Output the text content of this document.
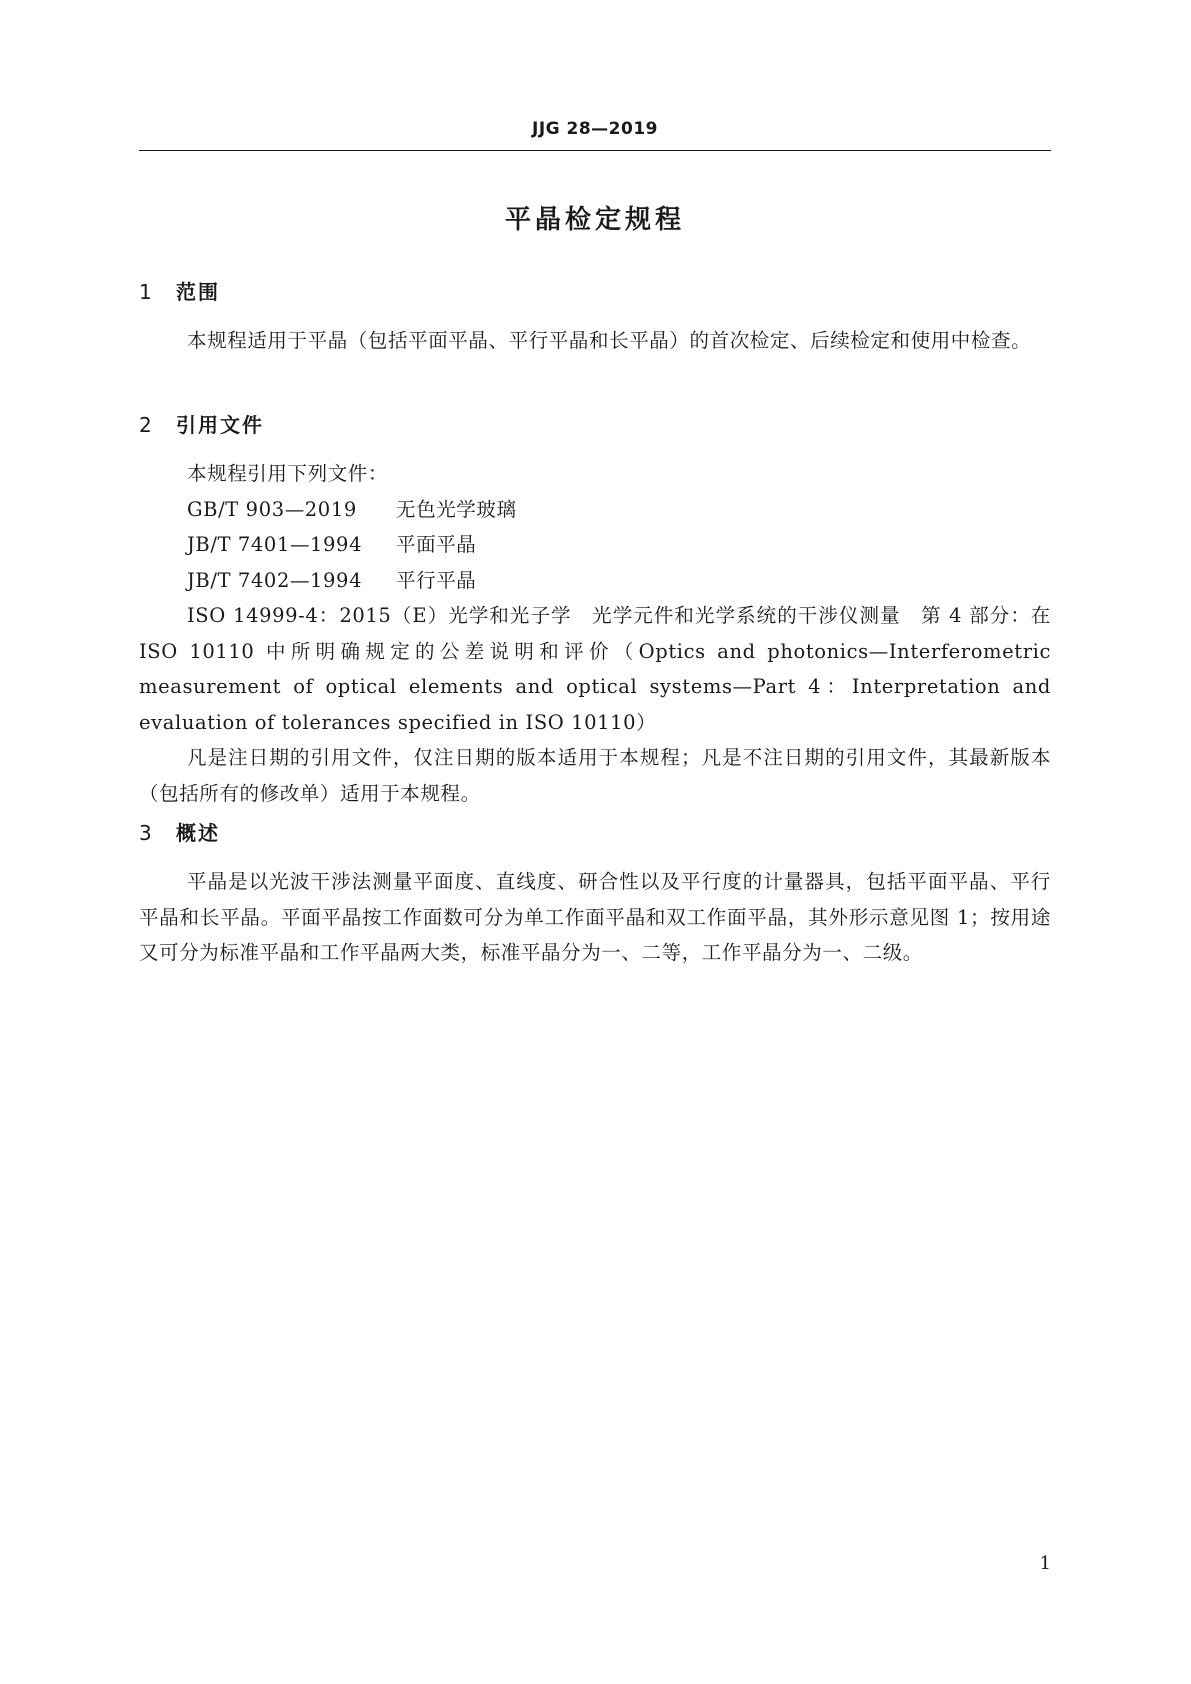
JJG 28—2019
平晶检定规程
1 范围
本规程适用于平晶（包括平面平晶、平行平晶和长平晶）的首次检定、后续检定和使用中检查。
2 引用文件
本规程引用下列文件：
GB/T 903—2019 无色光学玻璃
JB/T 7401—1994 平面平晶
JB/T 7402—1994 平行平晶
ISO 14999-4：2015（E）光学和光子学　光学元件和光学系统的干涉仪测量　第 4 部分：在 ISO 10110 中所明确规定的公差说明和评价（Optics and photonics—Interferometric measurement of optical elements and optical systems—Part 4：Interpretation and evaluation of tolerances specified in ISO 10110）
凡是注日期的引用文件，仅注日期的版本适用于本规程；凡是不注日期的引用文件，其最新版本（包括所有的修改单）适用于本规程。
3 概述
平晶是以光波干涉法测量平面度、直线度、研合性以及平行度的计量器具，包括平面平晶、平行平晶和长平晶。平面平晶按工作面数可分为单工作面平晶和双工作面平晶，其外形示意见图 1；按用途又可分为标准平晶和工作平晶两大类，标准平晶分为一、二等，工作平晶分为一、二级。
1
